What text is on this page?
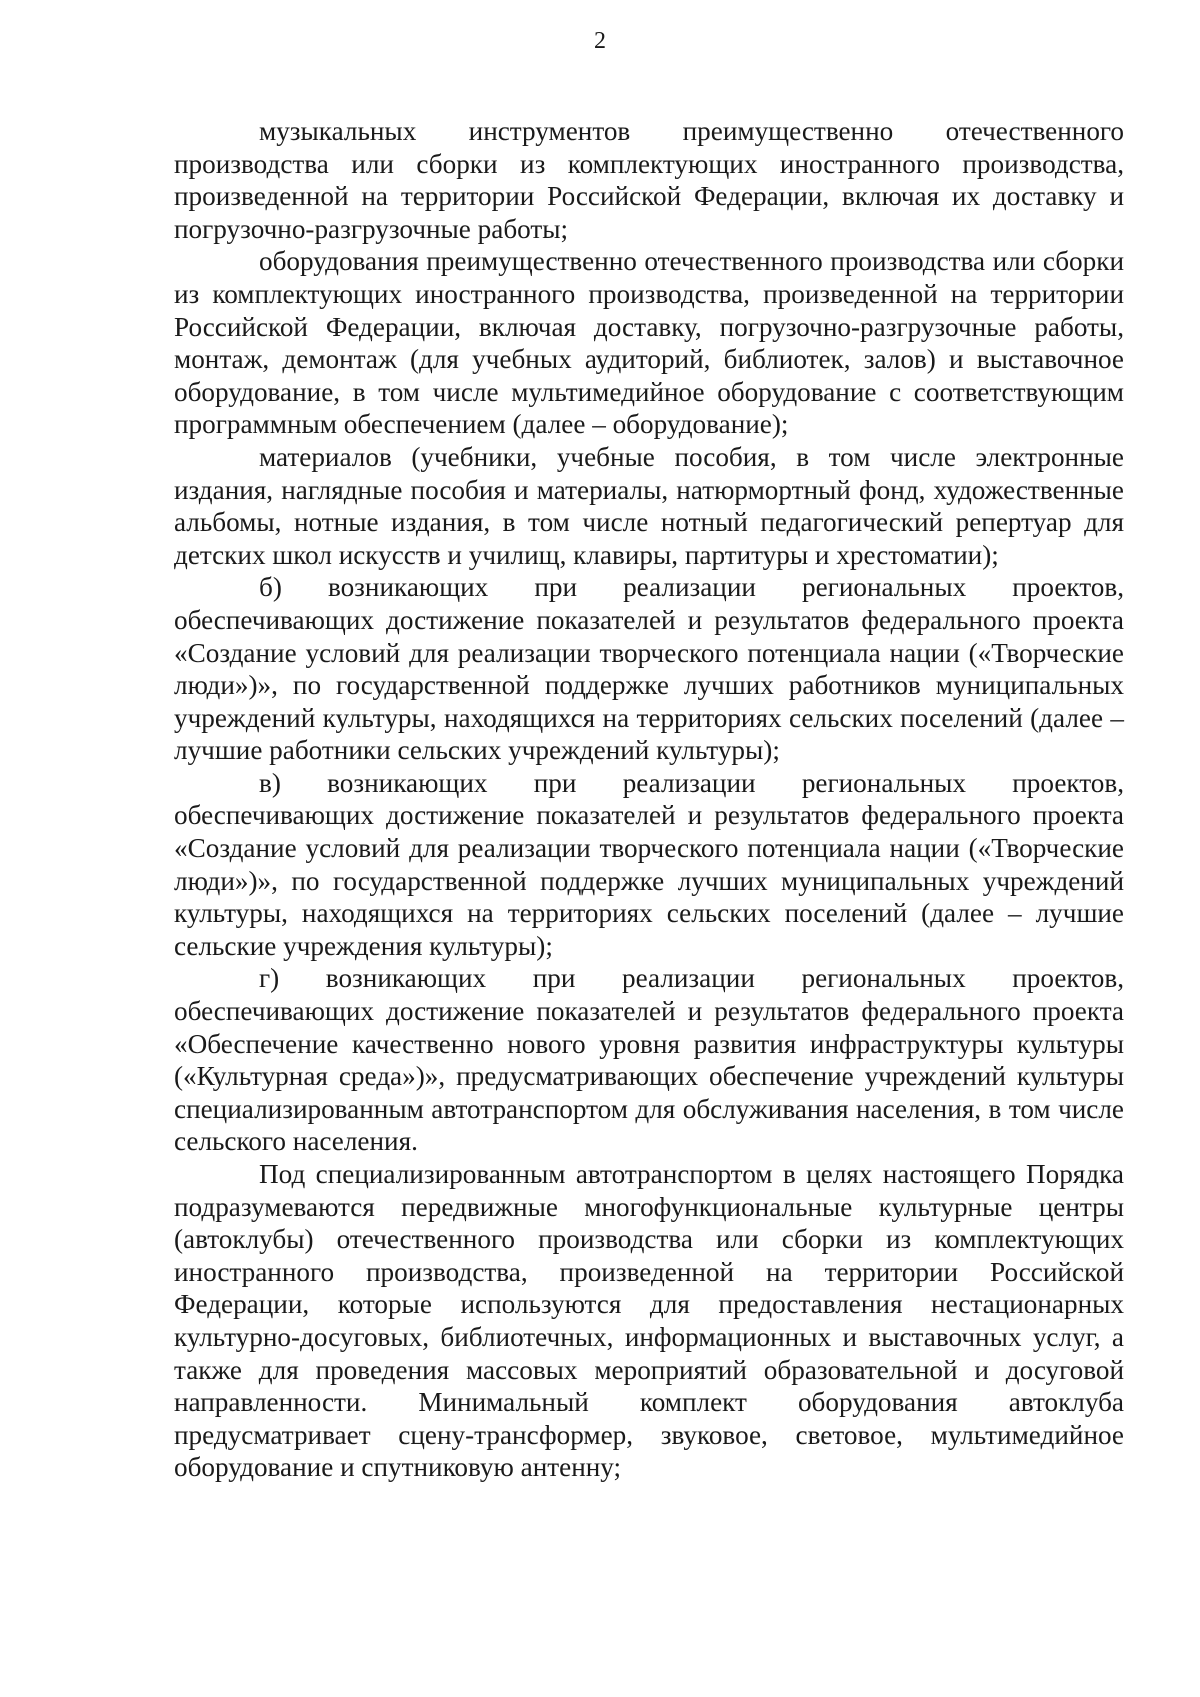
2

музыкальных инструментов преимущественно отечественного производства или сборки из комплектующих иностранного производства, произведенной на территории Российской Федерации, включая их доставку и погрузочно-разгрузочные работы;

оборудования преимущественно отечественного производства или сборки из комплектующих иностранного производства, произведенной на территории Российской Федерации, включая доставку, погрузочно-разгрузочные работы, монтаж, демонтаж (для учебных аудиторий, библиотек, залов) и выставочное оборудование, в том числе мультимедийное оборудование с соответствующим программным обеспечением (далее – оборудование);

материалов (учебники, учебные пособия, в том числе электронные издания, наглядные пособия и материалы, натюрмортный фонд, художественные альбомы, нотные издания, в том числе нотный педагогический репертуар для детских школ искусств и училищ, клавиры, партитуры и хрестоматии);

б) возникающих при реализации региональных проектов, обеспечивающих достижение показателей и результатов федерального проекта «Создание условий для реализации творческого потенциала нации («Творческие люди»)», по государственной поддержке лучших работников муниципальных учреждений культуры, находящихся на территориях сельских поселений (далее – лучшие работники сельских учреждений культуры);

в) возникающих при реализации региональных проектов, обеспечивающих достижение показателей и результатов федерального проекта «Создание условий для реализации творческого потенциала нации («Творческие люди»)», по государственной поддержке лучших муниципальных учреждений культуры, находящихся на территориях сельских поселений (далее – лучшие сельские учреждения культуры);

г) возникающих при реализации региональных проектов, обеспечивающих достижение показателей и результатов федерального проекта «Обеспечение качественно нового уровня развития инфраструктуры культуры («Культурная среда»)», предусматривающих обеспечение учреждений культуры специализированным автотранспортом для обслуживания населения, в том числе сельского населения.

Под специализированным автотранспортом в целях настоящего Порядка подразумеваются передвижные многофункциональные культурные центры (автоклубы) отечественного производства или сборки из комплектующих иностранного производства, произведенной на территории Российской Федерации, которые используются для предоставления нестационарных культурно-досуговых, библиотечных, информационных и выставочных услуг, а также для проведения массовых мероприятий образовательной и досуговой направленности. Минимальный комплект оборудования автоклуба предусматривает сцену-трансформер, звуковое, световое, мультимедийное оборудование и спутниковую антенну;
